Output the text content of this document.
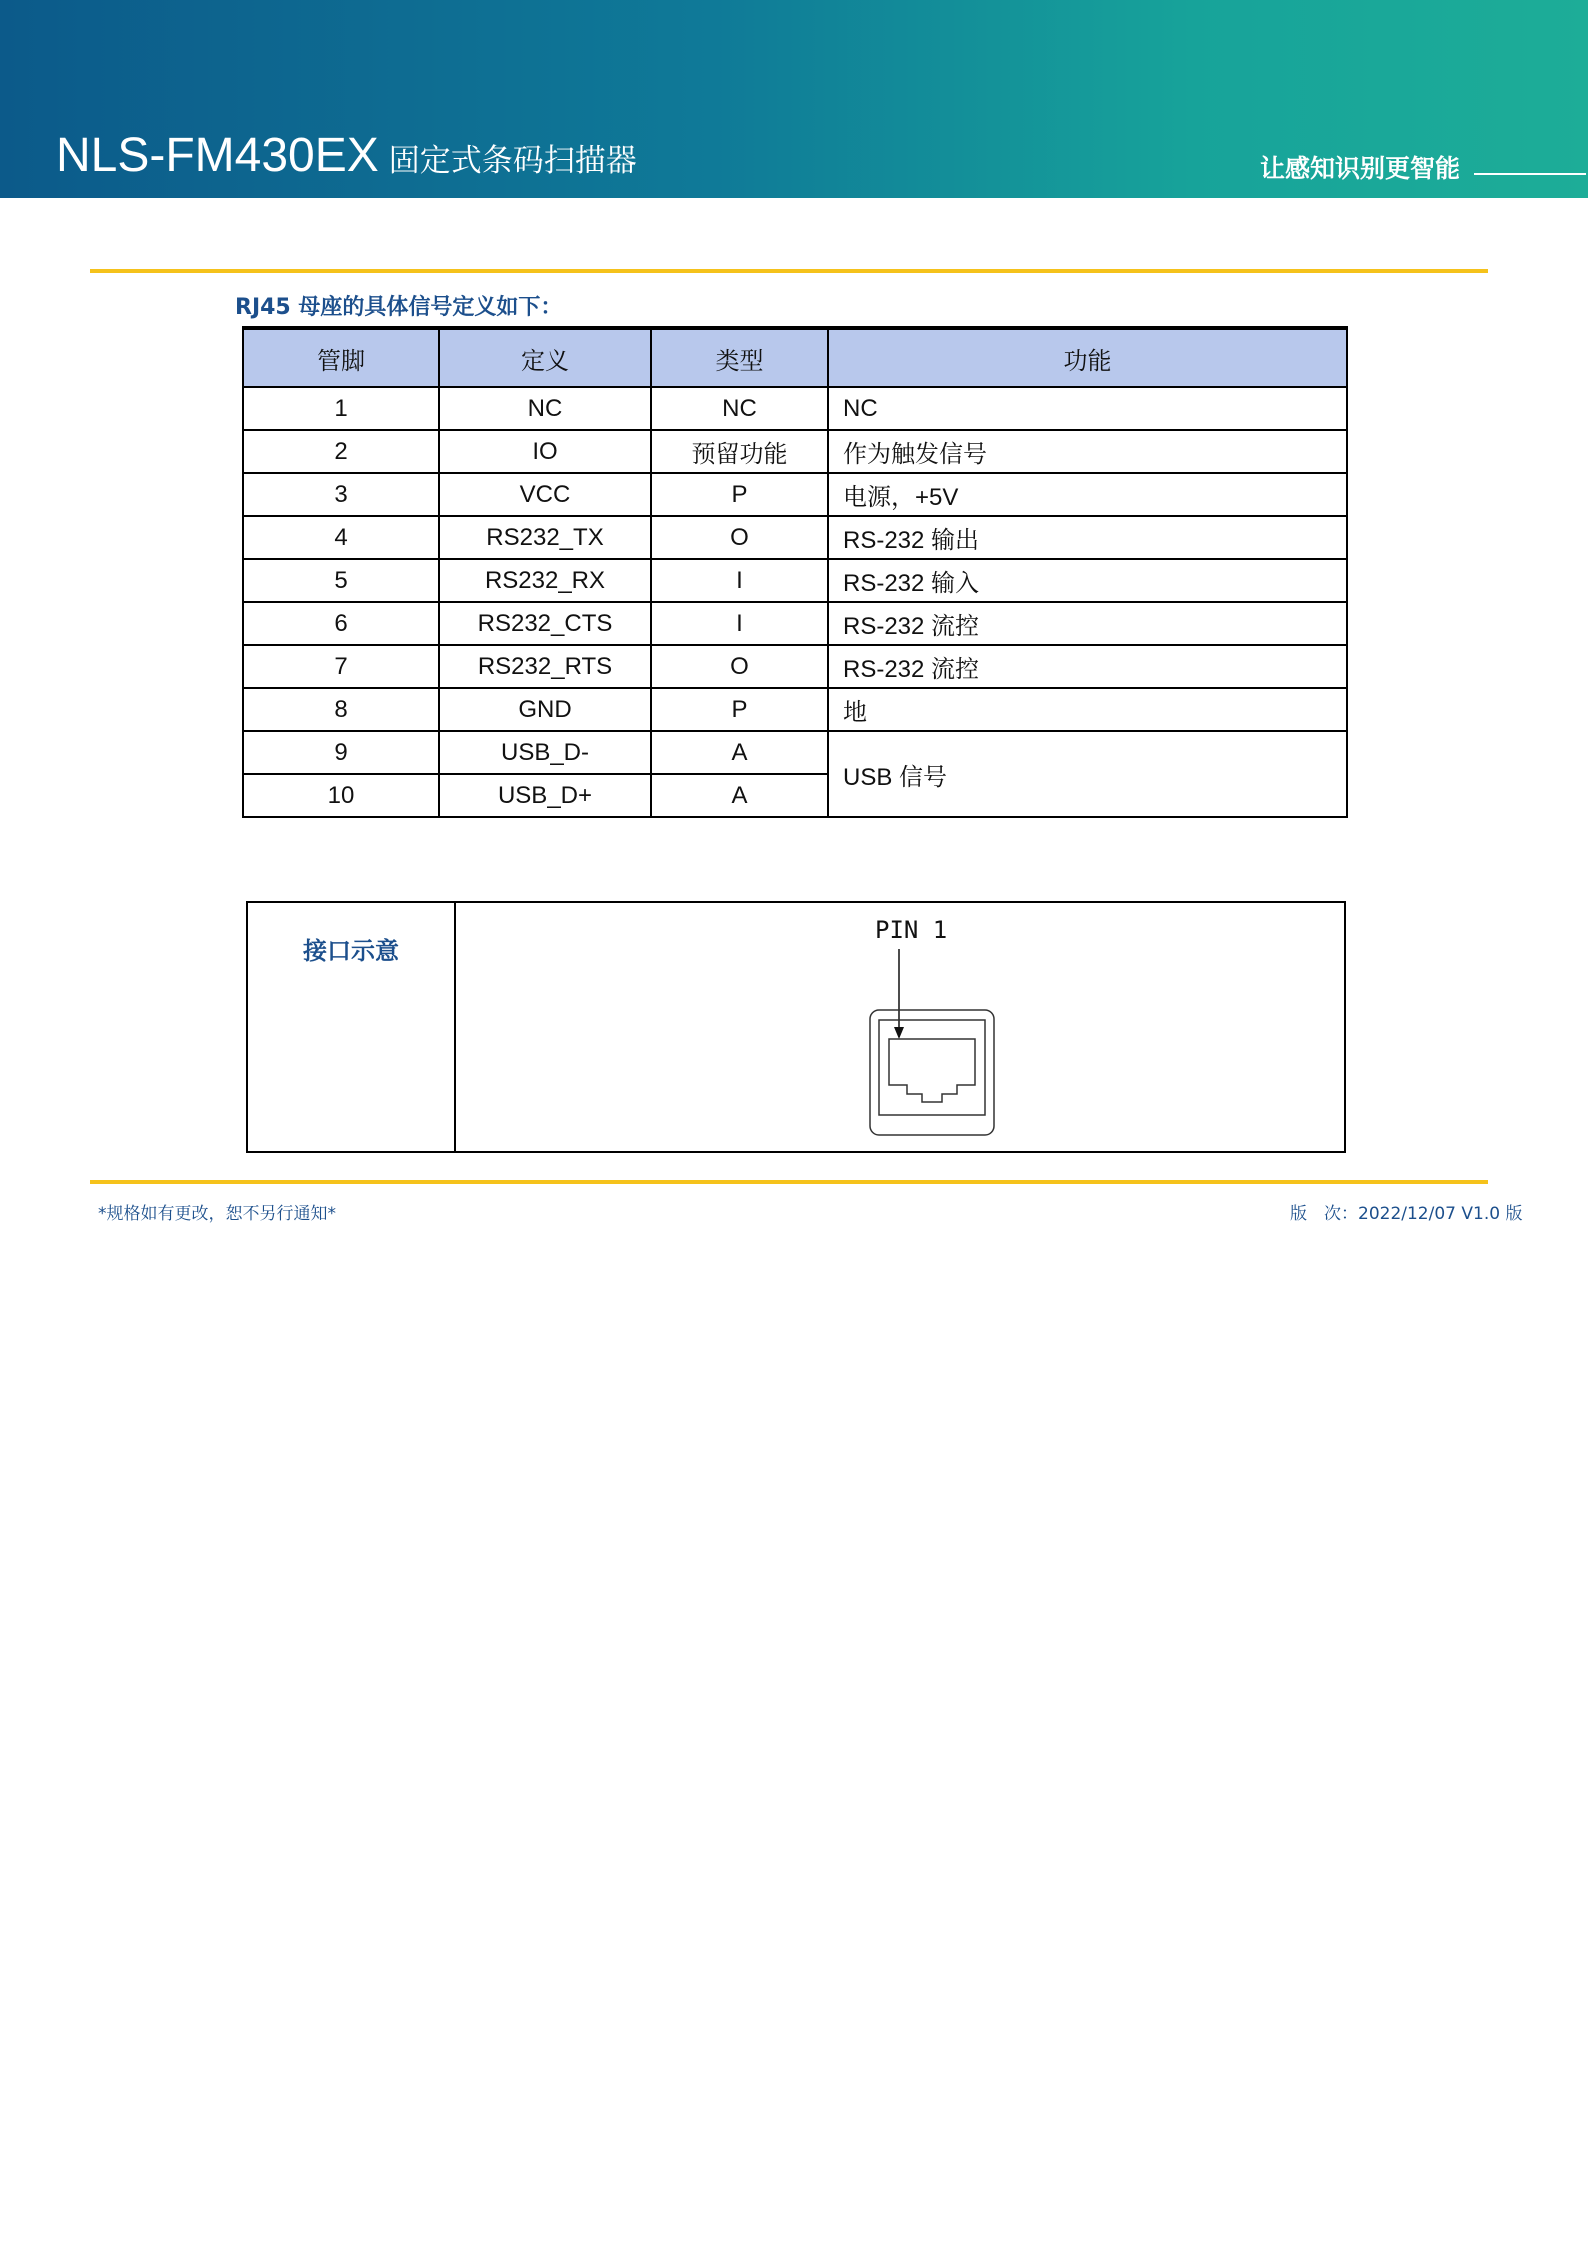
NLS-FM430EX 固定式条码扫描器	让感知识别更智能
RJ45 母座的具体信号定义如下：
管脚	定义	类型	功能
1	NC	NC	NC
2	IO	预留功能	作为触发信号
3	VCC	P	电源，+5V
4	RS232_TX	O	RS-232 输出
5	RS232_RX	I	RS-232 输入
6	RS232_CTS	I	RS-232 流控
7	RS232_RTS	O	RS-232 流控
8	GND	P	地
9	USB_D-	A	USB 信号
10	USB_D+	A	
接口示意

PIN 1
*规格如有更改，恕不另行通知*	版　次：2022/12/07 V1.0 版
